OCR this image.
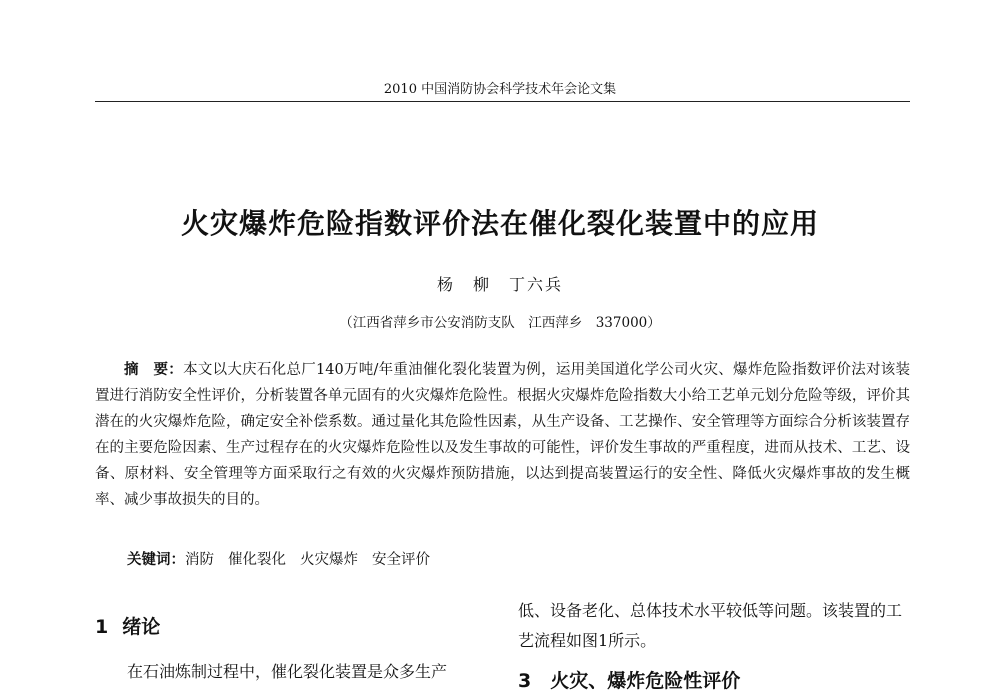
2010 中国消防协会科学技术年会论文集
火灾爆炸危险指数评价法在催化裂化装置中的应用
杨　柳　丁六兵
（江西省萍乡市公安消防支队　江西萍乡　337000）
摘　要：本文以大庆石化总厂140万吨/年重油催化裂化装置为例，运用美国道化学公司火灾、爆炸危险指数评价法对该装置进行消防安全性评价，分析装置各单元固有的火灾爆炸危险性。根据火灾爆炸危险指数大小给工艺单元划分危险等级，评价其潜在的火灾爆炸危险，确定安全补偿系数。通过量化其危险性因素，从生产设备、工艺操作、安全管理等方面综合分析该装置存在的主要危险因素、生产过程存在的火灾爆炸危险性以及发生事故的可能性，评价发生事故的严重程度，进而从技术、工艺、设备、原材料、安全管理等方面采取行之有效的火灾爆炸预防措施，以达到提高装置运行的安全性、降低火灾爆炸事故的发生概率、减少事故损失的目的。
关键词：消防 催化裂化 火灾爆炸 安全评价
1 绪论
在石油炼制过程中，催化裂化装置是众多生产
低、设备老化、总体技术水平较低等问题。该装置的工艺流程如图1所示。
3　 火灾、爆炸危险性评价
